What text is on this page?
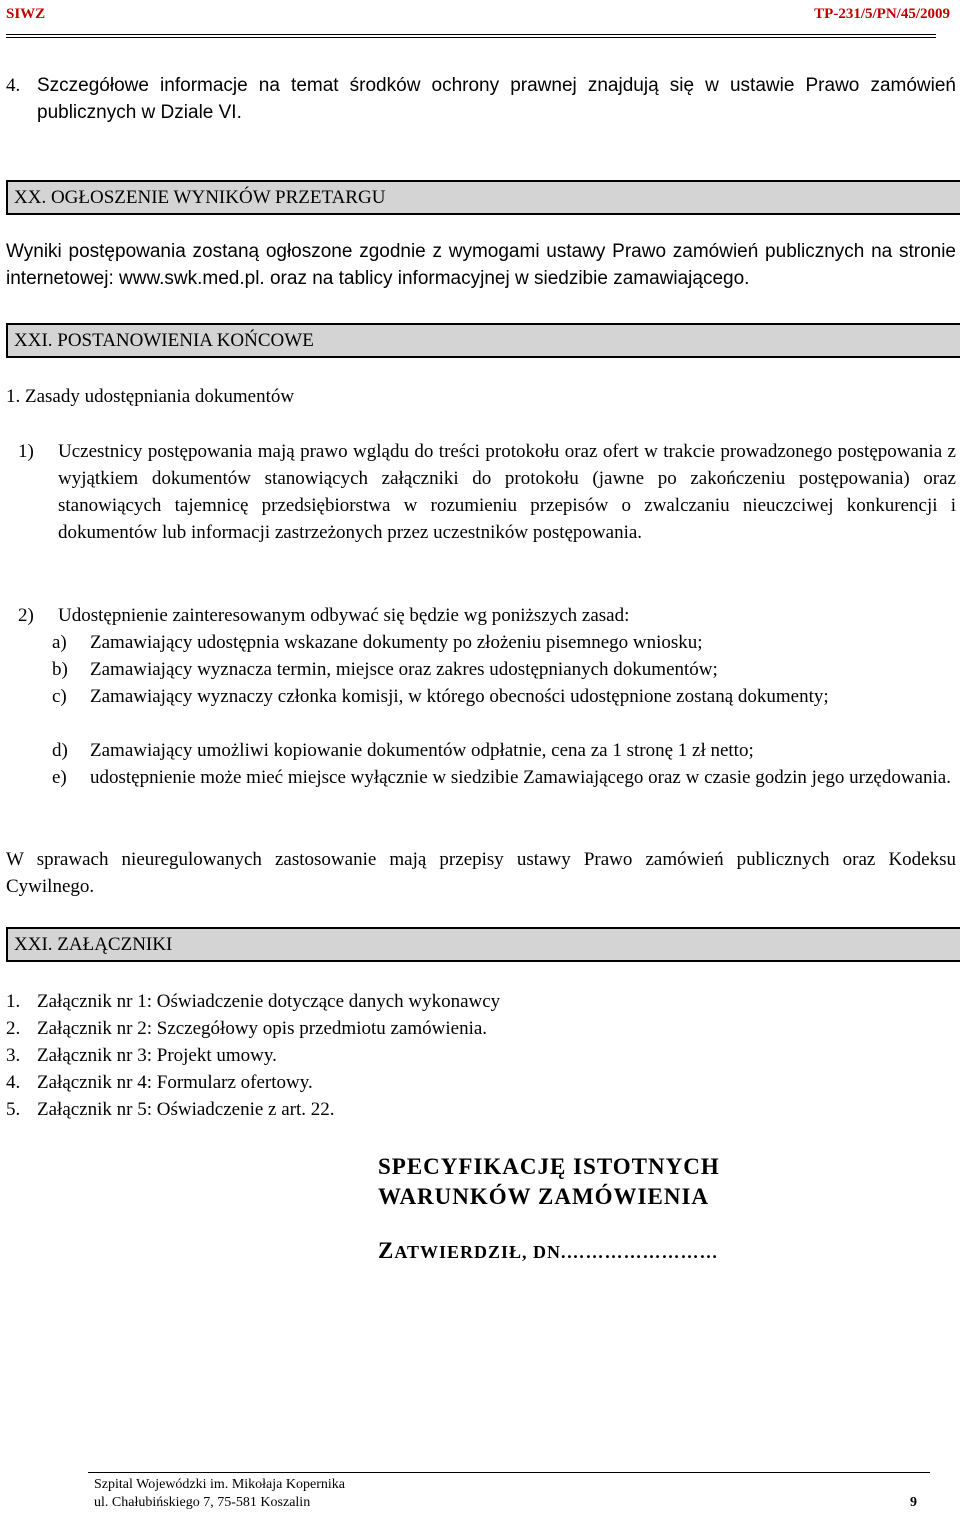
SIWZ	TP-231/5/PN/45/2009
4. Szczegółowe informacje na temat środków ochrony prawnej znajdują się w ustawie Prawo zamówień publicznych w Dziale VI.
XX. OGŁOSZENIE WYNIKÓW PRZETARGU
Wyniki postępowania zostaną ogłoszone zgodnie z wymogami ustawy Prawo zamówień publicznych na stronie internetowej: www.swk.med.pl. oraz na tablicy informacyjnej w siedzibie zamawiającego.
XXI. POSTANOWIENIA KOŃCOWE
1. Zasady udostępniania dokumentów
1) Uczestnicy postępowania mają prawo wglądu do treści protokołu oraz ofert w trakcie prowadzonego postępowania z wyjątkiem dokumentów stanowiących załączniki do protokołu (jawne po zakończeniu postępowania) oraz stanowiących tajemnicę przedsiębiorstwa w rozumieniu przepisów o zwalczaniu nieuczciwej konkurencji i dokumentów lub informacji zastrzeżonych przez uczestników postępowania.
2) Udostępnienie zainteresowanym odbywać się będzie wg poniższych zasad:
a) Zamawiający udostępnia wskazane dokumenty po złożeniu pisemnego wniosku;
b) Zamawiający wyznacza termin, miejsce oraz zakres udostępnianych dokumentów;
c) Zamawiający wyznaczy członka komisji, w którego obecności udostępnione zostaną dokumenty;
d) Zamawiający umożliwi kopiowanie dokumentów odpłatnie, cena za 1 stronę 1 zł netto;
e) udostępnienie może mieć miejsce wyłącznie w siedzibie Zamawiającego oraz w czasie godzin jego urzędowania.
W sprawach nieuregulowanych zastosowanie mają przepisy ustawy Prawo zamówień publicznych oraz Kodeksu Cywilnego.
XXI. ZAŁĄCZNIKI
1. Załącznik nr 1: Oświadczenie dotyczące danych wykonawcy
2. Załącznik nr 2: Szczegółowy opis przedmiotu zamówienia.
3. Załącznik nr 3: Projekt umowy.
4. Załącznik nr 4: Formularz ofertowy.
5. Załącznik nr 5: Oświadczenie z art. 22.
SPECYFIKACJĘ ISTOTNYCH
WARUNKÓW ZAMÓWIENIA
ZATWIERDZIŁ, DN.……………………
Szpital Wojewódzki im. Mikołaja Kopernika
ul. Chałubińskiego 7, 75-581 Koszalin	9
